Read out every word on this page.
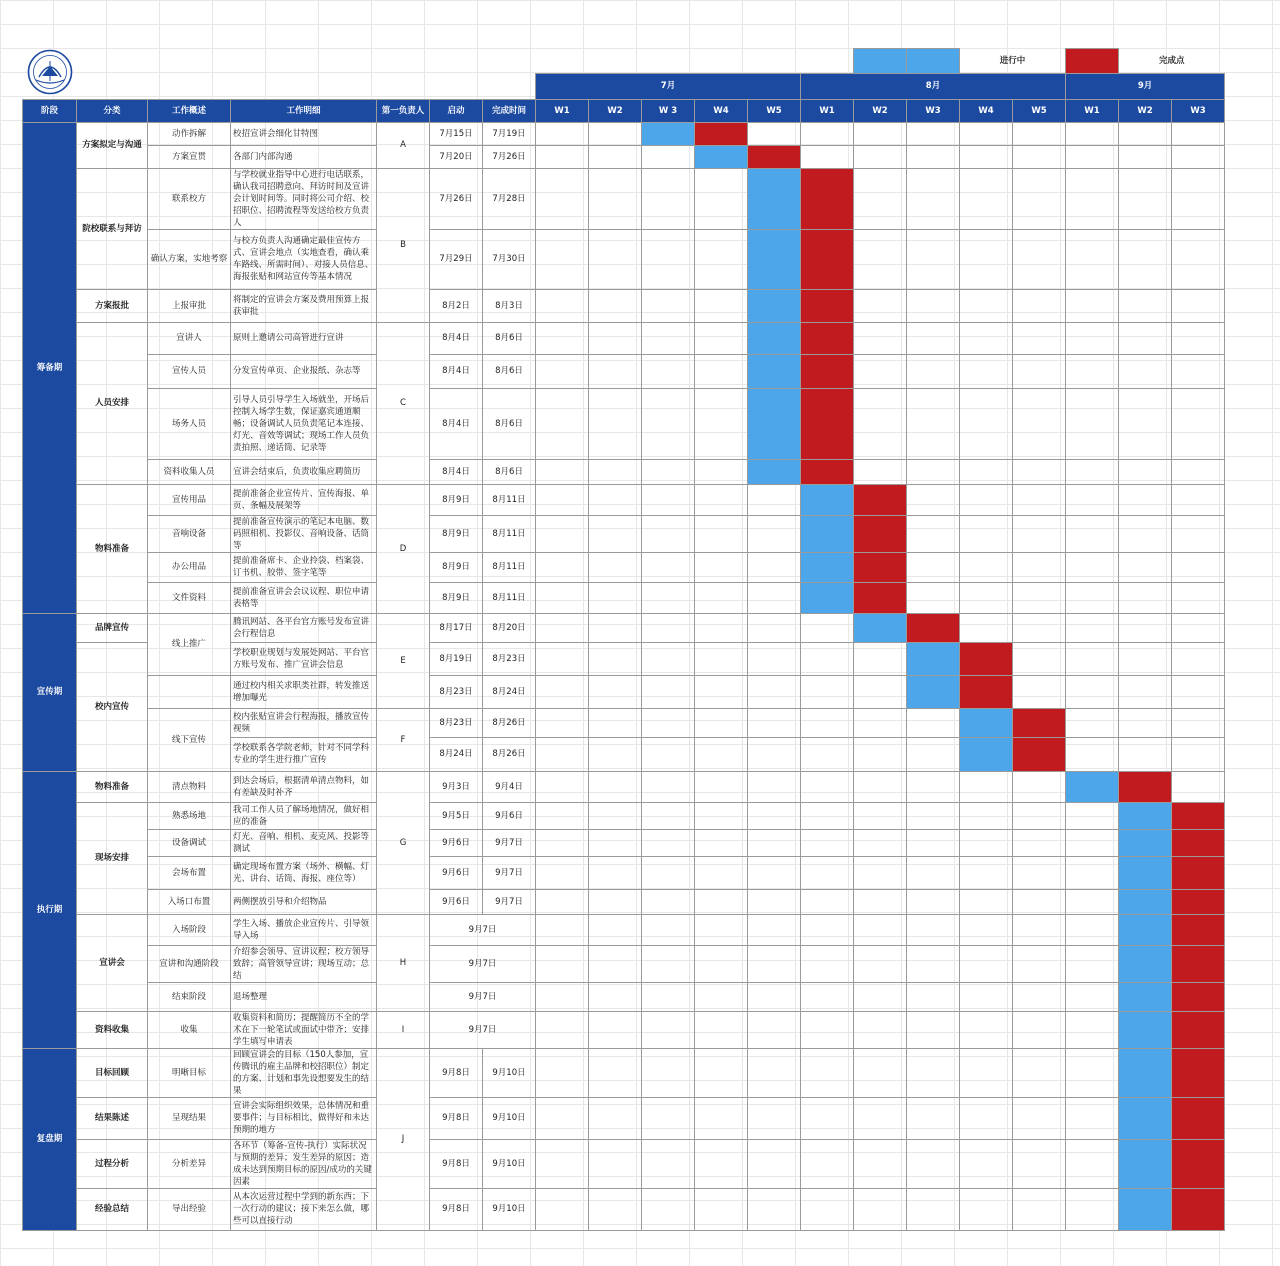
				进行中			完成点		
							7月					8月					9月			
阶段	分类	工作概述	工作明细	第一负责人	启动	完成时间	W1	W2	W 3	W4	W5	W1	W2	W3	W4	W5	W1	W2	W3	
筹备期	方案拟定与沟通	动作拆解	校招宣讲会细化甘特图	A	7月15日	7月19日														
		方案宣贯	各部门内部沟通		7月20日	7月26日														
	院校联系与拜访	联系校方	与学校就业指导中心进行电话联系，确认我司招聘意向、拜访时间及宣讲会计划时间等。同时将公司介绍、校招职位、招聘流程等发送给校方负责人	B	7月26日	7月28日														
		确认方案，实地考察	与校方负责人沟通确定最佳宣传方式、宣讲会地点（实地查看，确认乘车路线、所需时间）、对接人员信息、海报张贴和网站宣传等基本情况		7月29日	7月30日														
	方案报批	上报审批	将制定的宣讲会方案及费用预算上报获审批		8月2日	8月3日														
	人员安排	宣讲人	原则上邀请公司高管进行宣讲	C	8月4日	8月6日														
		宣传人员	分发宣传单页、企业报纸、杂志等		8月4日	8月6日														
		场务人员	引导人员引导学生入场就坐，开场后控制入场学生数，保证嘉宾通道顺畅；设备调试人员负责笔记本连接、灯光、音效等调试；现场工作人员负责拍照、递话筒、记录等		8月4日	8月6日														
		资料收集人员	宣讲会结束后，负责收集应聘简历		8月4日	8月6日														
	物料准备	宣传用品	提前准备企业宣传片、宣传海报、单页、条幅及展架等	D	8月9日	8月11日														
		音响设备	提前准备宣传演示的笔记本电脑、数码照相机、投影仪、音响设备、话筒等		8月9日	8月11日														
		办公用品	提前准备席卡、企业拎袋、档案袋、订书机、胶带、签字笔等		8月9日	8月11日														
		文件资料	提前准备宣讲会会议议程、职位申请表格等		8月9日	8月11日														
宣传期	品牌宣传	线上推广	腾讯网站、各平台官方账号发布宣讲会行程信息	E	8月17日	8月20日														
	校内宣传		学校职业规划与发展处网站、平台官方账号发布、推广宣讲会信息		8月19日	8月23日														
			通过校内相关求职类社群，转发推送增加曝光		8月23日	8月24日														
		线下宣传	校内张贴宣讲会行程海报，播放宣传视频	F	8月23日	8月26日														
			学校联系各学院老师，针对不同学科专业的学生进行推广宣传		8月24日	8月26日														
执行期	物料准备	清点物料	到达会场后，根据清单清点物料，如有差缺及时补齐	G	9月3日	9月4日														
	现场安排	熟悉场地	我司工作人员了解场地情况，做好相应的准备		9月5日	9月6日														
		设备调试	灯光、音响、相机、麦克风、投影等测试		9月6日	9月7日														
		会场布置	确定现场布置方案（场外、横幅、灯光、讲台、话筒、海报、座位等）		9月6日	9月7日														
		入场口布置	两侧摆放引导和介绍物品		9月6日	9月7日														
	宣讲会	入场阶段	学生入场、播放企业宣传片、引导领导入场	H	9月7日															
		宣讲和沟通阶段	介绍参会领导、宣讲议程；校方领导致辞；高管领导宣讲；现场互动；总结		9月7日															
		结束阶段	退场整理		9月7日															
	资料收集	收集	收集资料和简历；提醒简历不全的学术在下一轮笔试或面试中带齐；安排学生填写申请表	I	9月7日															
复盘期	目标回顾	明晰目标	回顾宣讲会的目标（150人参加，宣传腾讯的雇主品牌和校招职位）制定的方案、计划和事先设想要发生的结果	J	9月8日	9月10日														
	结果陈述	呈现结果	宣讲会实际组织效果，总体情况和重要事件；与目标相比，做得好和未达预期的地方		9月8日	9月10日														
	过程分析	分析差异	各环节（筹备-宣传-执行）实际状况与预期的差异；发生差异的原因；造成未达到预期目标的原因/成功的关键因素		9月8日	9月10日														
	经验总结	导出经验	从本次运营过程中学到的新东西；下一次行动的建议；接下来怎么做，哪些可以直接行动		9月8日	9月10日														
